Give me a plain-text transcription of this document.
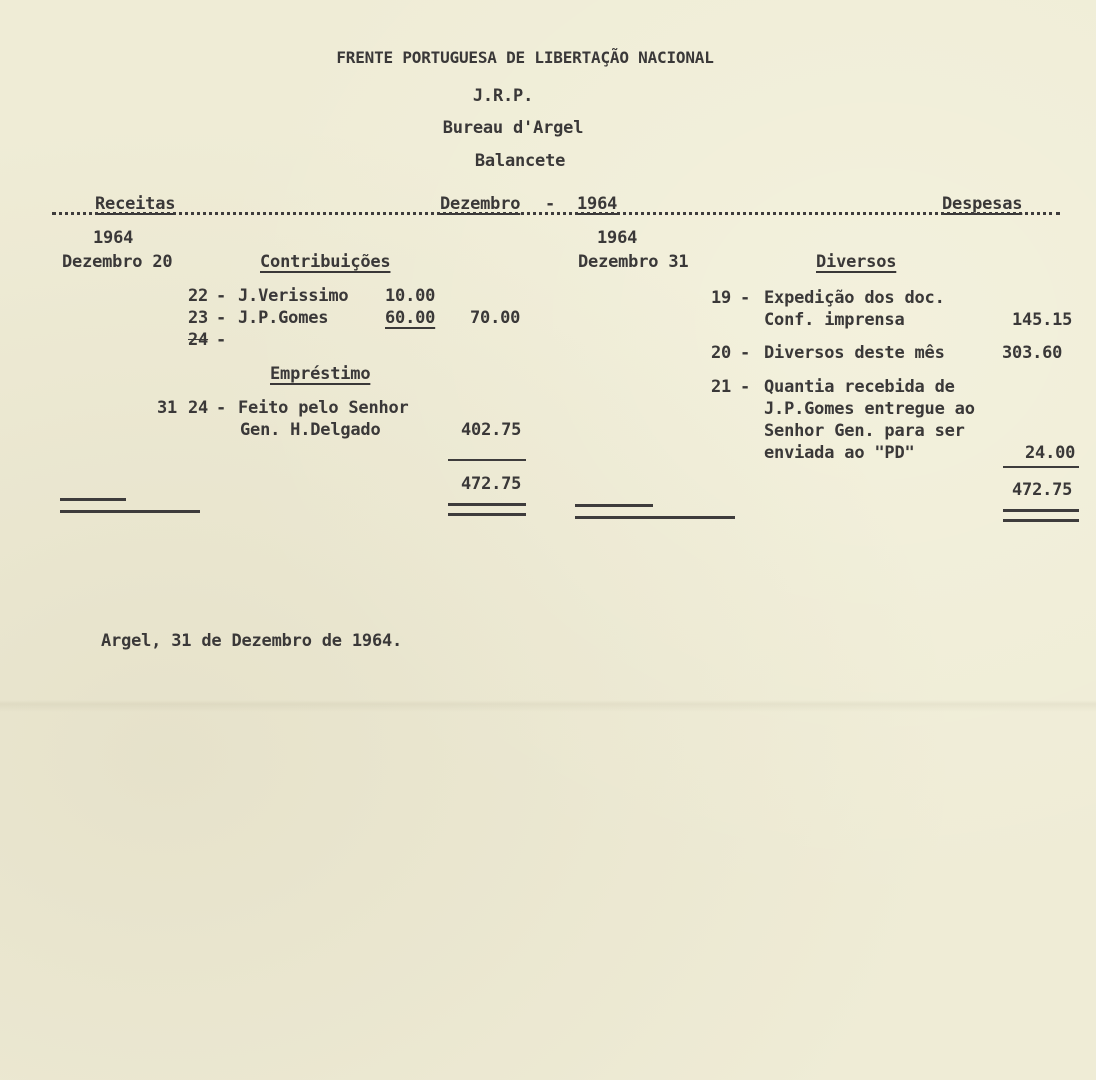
FRENTE PORTUGUESA DE LIBERTAÇÃO NACIONAL
J.R.P.
Bureau d'Argel
Balancete
Receitas	Dezembro - 1964	Despesas
1964
Dezembro 20	Contribuições
22 - J.Verissimo 10.00
23 - J.P.Gomes	60.00 70.00
24 -
Empréstimo
31 24 - Feito pelo Senhor
Gen. H.Delgado	402.75
472.75
1964
Dezembro 31	Diversos
19 - Expedição dos doc.
Conf. imprensa	145.15
20 - Diversos deste mês	303.60
21 - Quantia recebida de
J.P.Gomes entregue ao
Senhor Gen. para ser
enviada ao "PD"	24.00
472.75
Argel, 31 de Dezembro de 1964.
